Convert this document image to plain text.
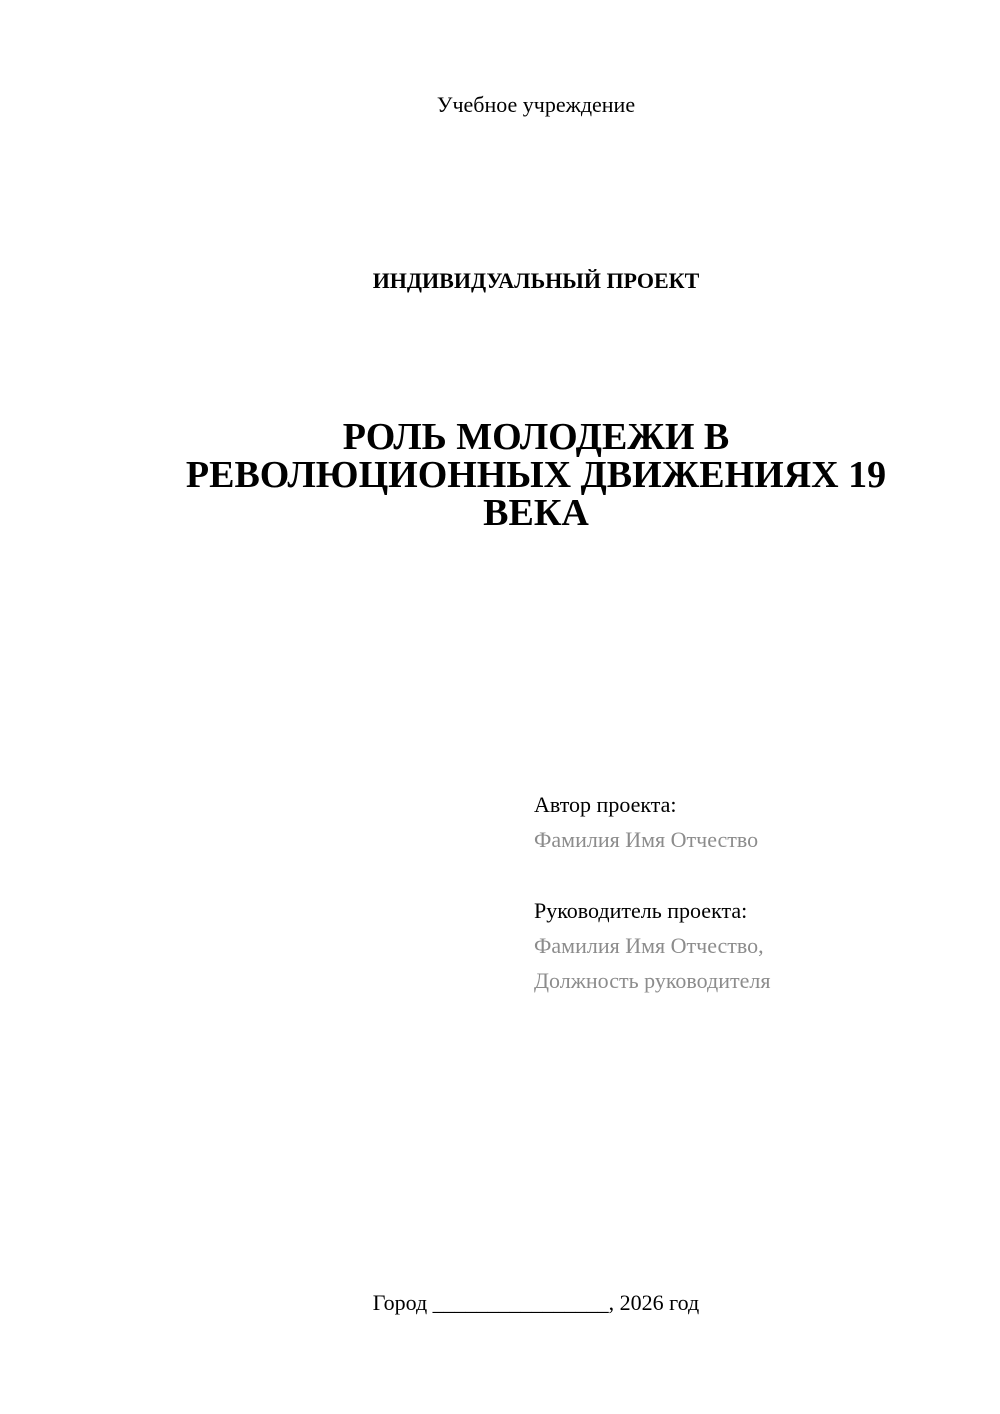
Учебное учреждение
ИНДИВИДУАЛЬНЫЙ ПРОЕКТ
РОЛЬ МОЛОДЕЖИ В
РЕВОЛЮЦИОННЫХ ДВИЖЕНИЯХ 19
ВЕКА
Автор проекта:
Фамилия Имя Отчество
Руководитель проекта:
Фамилия Имя Отчество,
Должность руководителя
Город ________________, 2026 год
